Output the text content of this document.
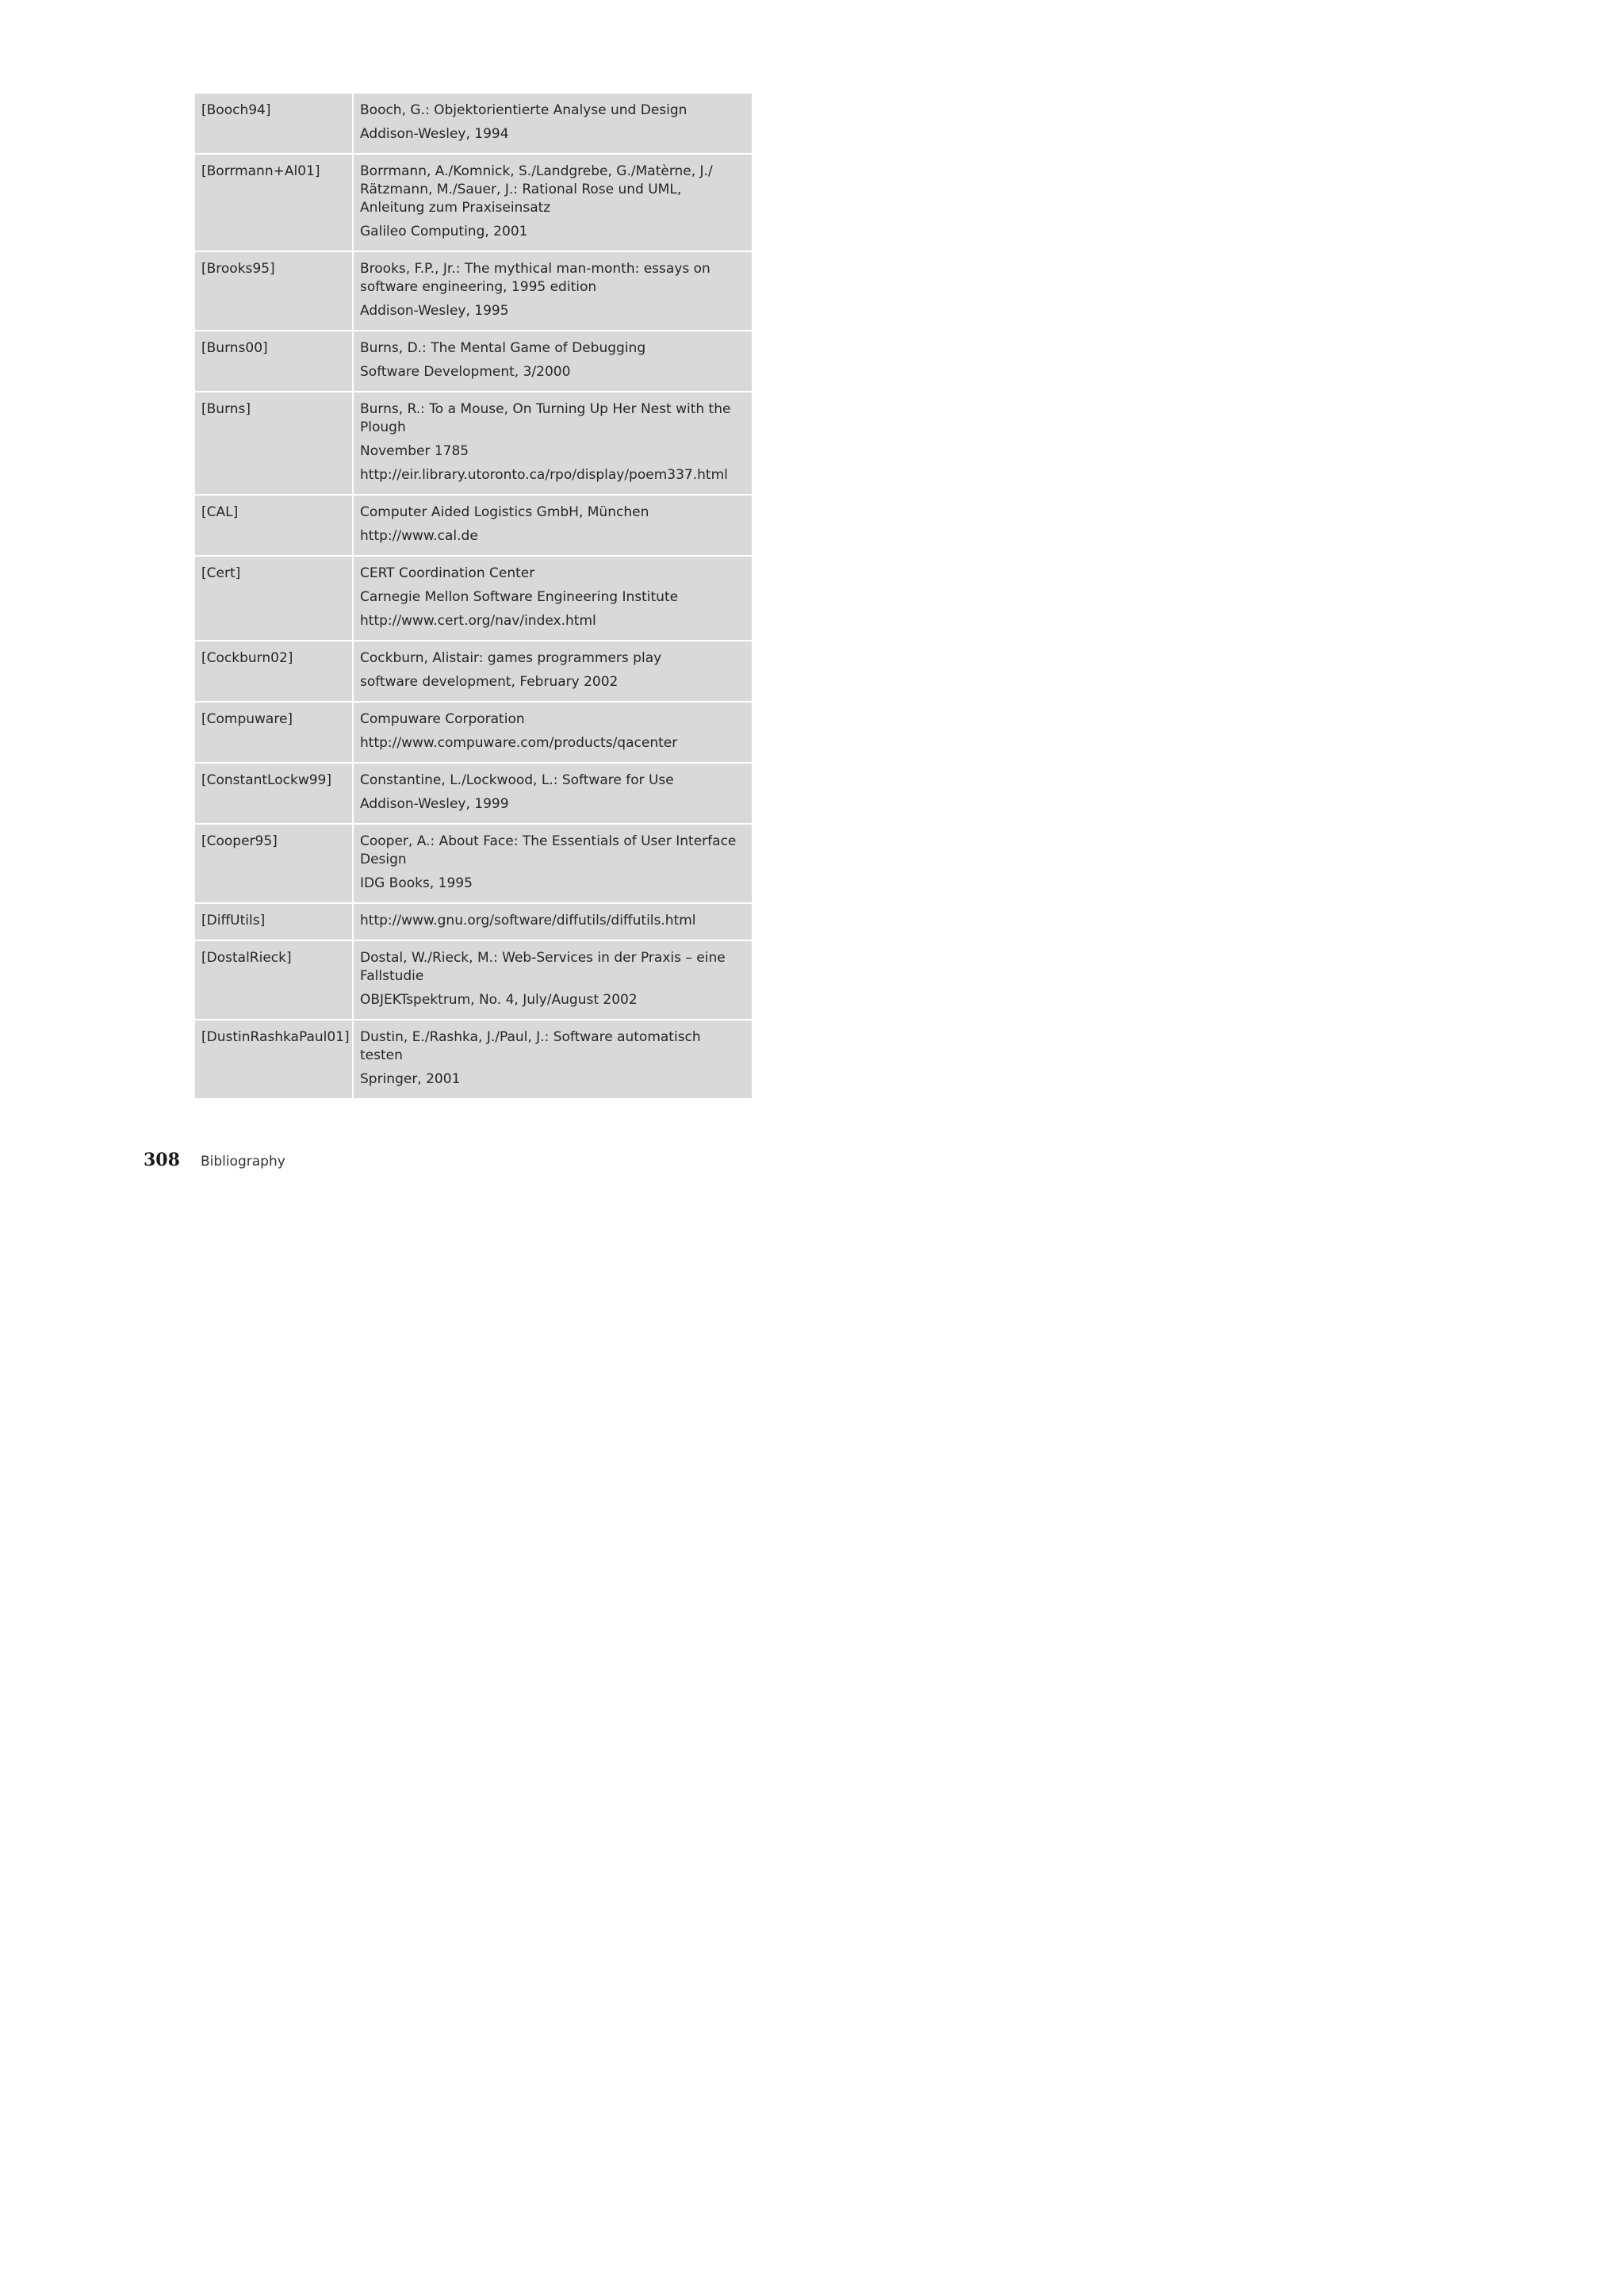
[Booch94]	Booch, G.: Objektorientierte Analyse und Design

Addison-Wesley, 1994

[Borrmann+Al01]	Borrmann, A./Komnick, S./Landgrebe, G./Matèrne, J./ Rätzmann, M./Sauer, J.: Rational Rose und UML, Anleitung zum Praxiseinsatz

Galileo Computing, 2001

[Brooks95]	Brooks, F.P., Jr.: The mythical man-month: essays on software engineering, 1995 edition

Addison-Wesley, 1995

[Burns00]	Burns, D.: The Mental Game of Debugging

Software Development, 3/2000

[Burns]	Burns, R.: To a Mouse, On Turning Up Her Nest with the Plough

November 1785

http://eir.library.utoronto.ca/rpo/display/poem337.html

[CAL]	Computer Aided Logistics GmbH, München

http://www.cal.de

[Cert]	CERT Coordination Center

Carnegie Mellon Software Engineering Institute

http://www.cert.org/nav/index.html

[Cockburn02]	Cockburn, Alistair: games programmers play

software development, February 2002

[Compuware]	Compuware Corporation

http://www.compuware.com/products/qacenter

[ConstantLockw99]	Constantine, L./Lockwood, L.: Software for Use

Addison-Wesley, 1999

[Cooper95]	Cooper, A.: About Face: The Essentials of User Interface Design

IDG Books, 1995

[DiffUtils]	http://www.gnu.org/software/diffutils/diffutils.html

[DostalRieck]	Dostal, W./Rieck, M.: Web-Services in der Praxis – eine Fallstudie

OBJEKTspektrum, No. 4, July/August 2002

[DustinRashkaPaul01] Dustin, E./Rashka, J./Paul, J.: Software automatisch testen

Springer, 2001

308 Bibliography
